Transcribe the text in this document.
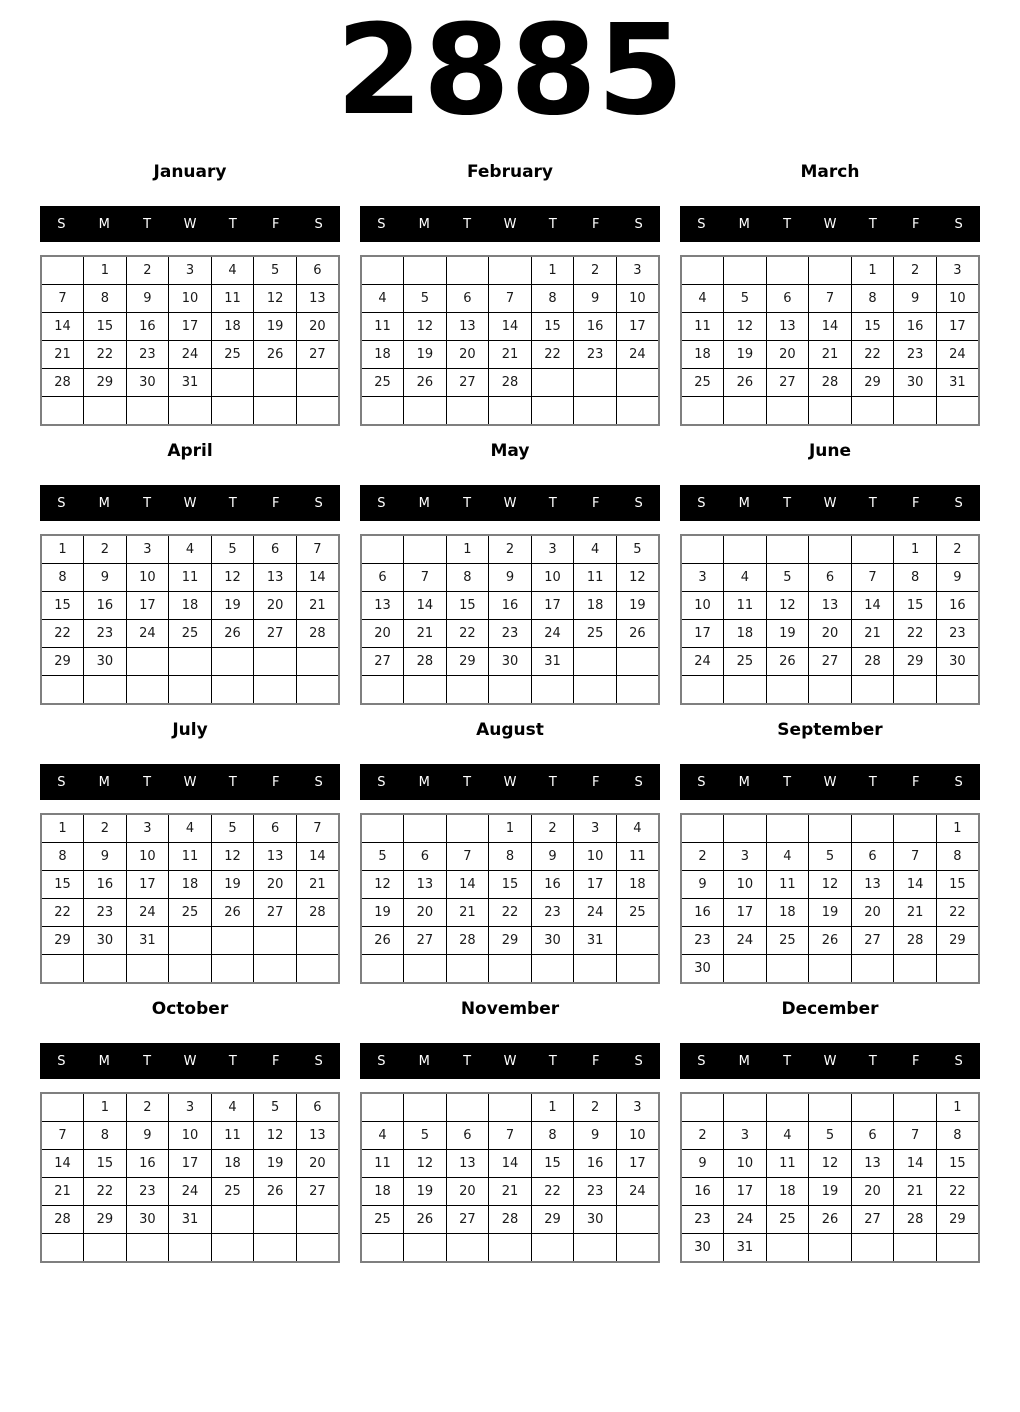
2885
January
S	M	T	W	T	F	S
	1	2	3	4	5	6
7	8	9	10	11	12	13
14	15	16	17	18	19	20
21	22	23	24	25	26	27
28	29	30	31			

February
S	M	T	W	T	F	S
				1	2	3
4	5	6	7	8	9	10
11	12	13	14	15	16	17
18	19	20	21	22	23	24
25	26	27	28			

March
S	M	T	W	T	F	S
				1	2	3
4	5	6	7	8	9	10
11	12	13	14	15	16	17
18	19	20	21	22	23	24
25	26	27	28	29	30	31

April
S	M	T	W	T	F	S
1	2	3	4	5	6	7
8	9	10	11	12	13	14
15	16	17	18	19	20	21
22	23	24	25	26	27	28
29	30					

May
S	M	T	W	T	F	S
		1	2	3	4	5
6	7	8	9	10	11	12
13	14	15	16	17	18	19
20	21	22	23	24	25	26
27	28	29	30	31		

June
S	M	T	W	T	F	S
					1	2
3	4	5	6	7	8	9
10	11	12	13	14	15	16
17	18	19	20	21	22	23
24	25	26	27	28	29	30

July
S	M	T	W	T	F	S
1	2	3	4	5	6	7
8	9	10	11	12	13	14
15	16	17	18	19	20	21
22	23	24	25	26	27	28
29	30	31				

August
S	M	T	W	T	F	S
			1	2	3	4
5	6	7	8	9	10	11
12	13	14	15	16	17	18
19	20	21	22	23	24	25
26	27	28	29	30	31	

September
S	M	T	W	T	F	S
						1
2	3	4	5	6	7	8
9	10	11	12	13	14	15
16	17	18	19	20	21	22
23	24	25	26	27	28	29
30						
October
S	M	T	W	T	F	S
	1	2	3	4	5	6
7	8	9	10	11	12	13
14	15	16	17	18	19	20
21	22	23	24	25	26	27
28	29	30	31			

November
S	M	T	W	T	F	S
				1	2	3
4	5	6	7	8	9	10
11	12	13	14	15	16	17
18	19	20	21	22	23	24
25	26	27	28	29	30	

December
S	M	T	W	T	F	S
						1
2	3	4	5	6	7	8
9	10	11	12	13	14	15
16	17	18	19	20	21	22
23	24	25	26	27	28	29
30	31					
